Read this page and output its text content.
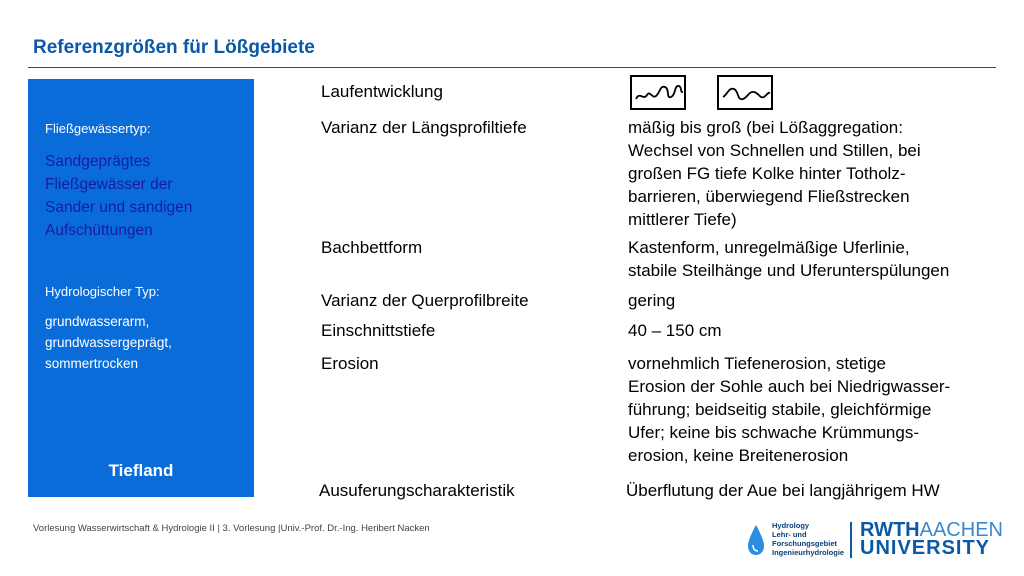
Referenzgrößen für Lößgebiete
Fließgewässertyp:
Sandgeprägtes
Fließgewässer der
Sander und sandigen
Aufschüttungen
Hydrologischer Typ:
grundwasserarm,
grundwassergeprägt,
sommertrocken
Tiefland
Laufentwicklung
Varianz der Längsprofiltiefe	mäßig bis groß (bei Lößaggregation:
Wechsel von Schnellen und Stillen, bei
großen FG tiefe Kolke hinter Totholz-
barrieren, überwiegend Fließstrecken
mittlerer Tiefe)
Bachbettform	Kastenform, unregelmäßige Uferlinie,
stabile Steilhänge und Uferunterspülungen
Varianz der Querprofilbreite	gering
Einschnittstiefe	40 – 150 cm
Erosion	vornehmlich Tiefenerosion, stetige
Erosion der Sohle auch bei Niedrigwasser-
führung; beidseitig stabile, gleichförmige
Ufer; keine bis schwache Krümmungs-
erosion, keine Breitenerosion
Ausuferungscharakteristik	Überflutung der Aue bei langjährigem HW
Vorlesung Wasserwirtschaft & Hydrologie II | 3. Vorlesung |Univ.-Prof. Dr.-Ing. Heribert Nacken	Hydrology
Lehr- und
Forschungsgebiet
Ingenieurhydrologie
RWTHAACHEN
UNIVERSITY
